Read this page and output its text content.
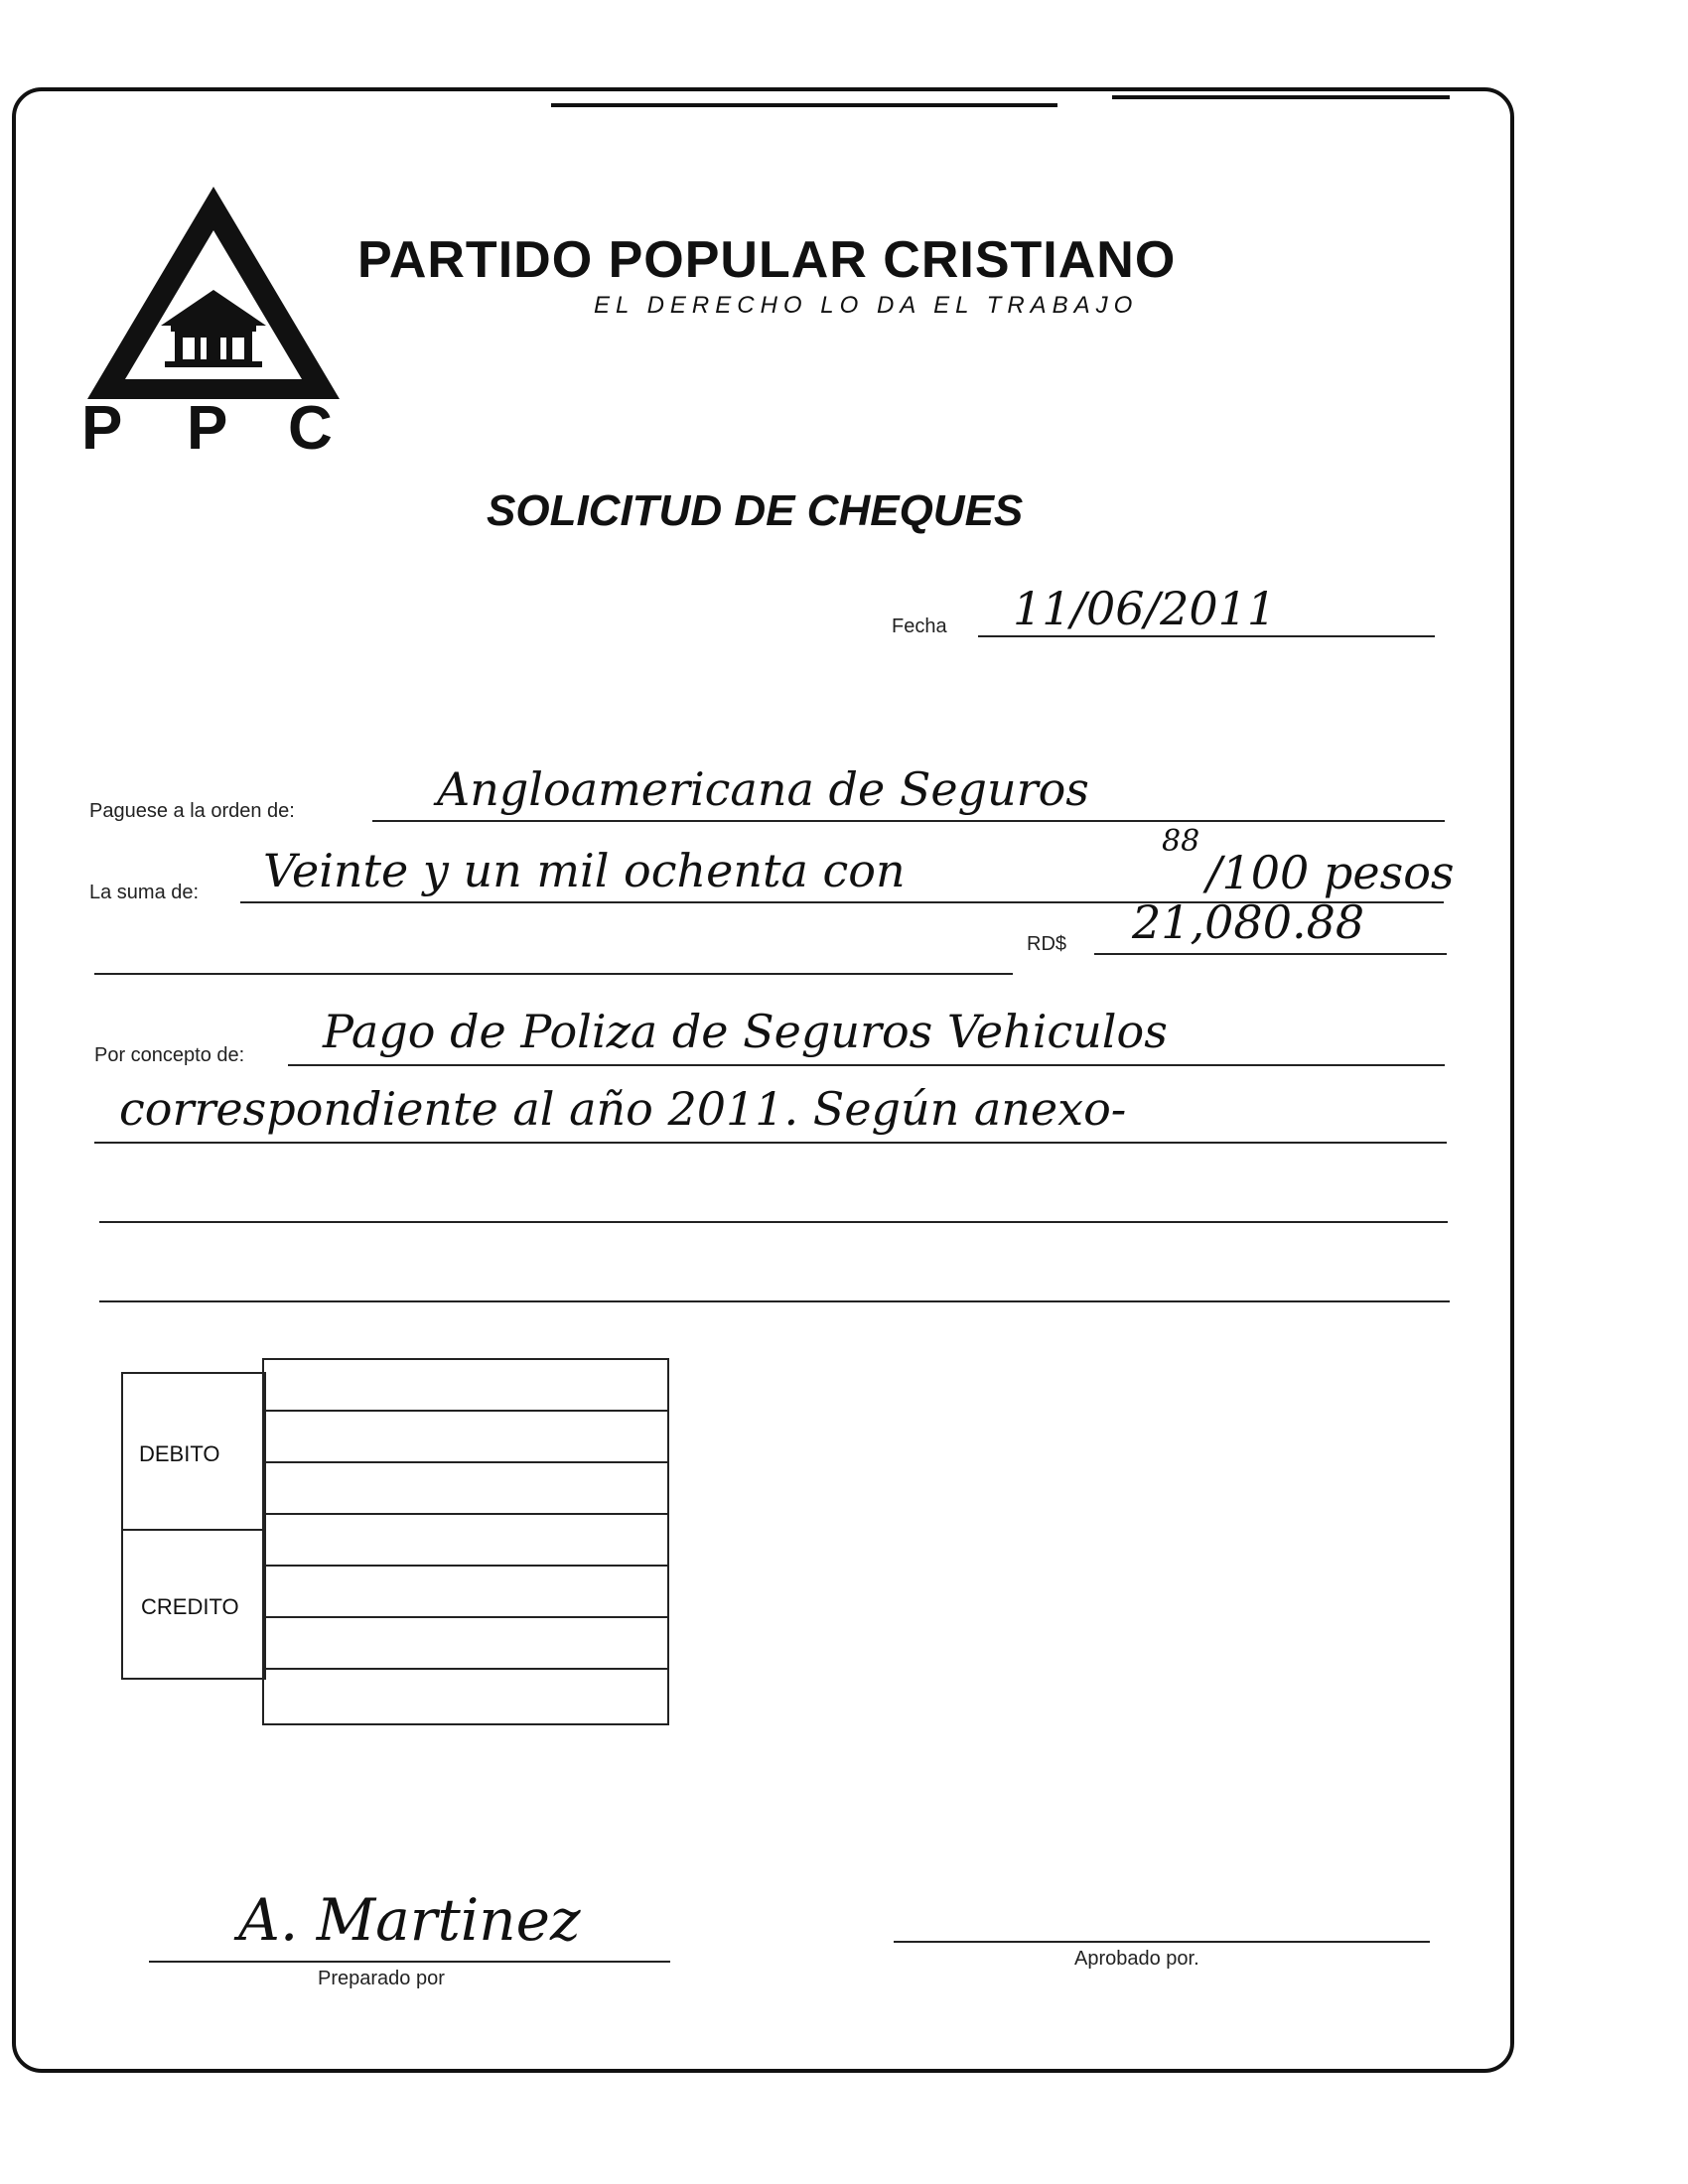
P P C
PARTIDO POPULAR CRISTIANO
EL DERECHO LO DA EL TRABAJO
SOLICITUD DE CHEQUES
Fecha 11/06/2011
Paguese a la orden de:	Angloamericana de Seguros
La suma de: Veinte y un mil ochenta con
88
/100 pesos
RD$ 21,080.88
Por concepto de: Pago de Poliza de Seguros Vehiculos
correspondiente al año 2011. Según anexo-
DEBITO
CREDITO
A. Martinez
Preparado por
Aprobado por.
